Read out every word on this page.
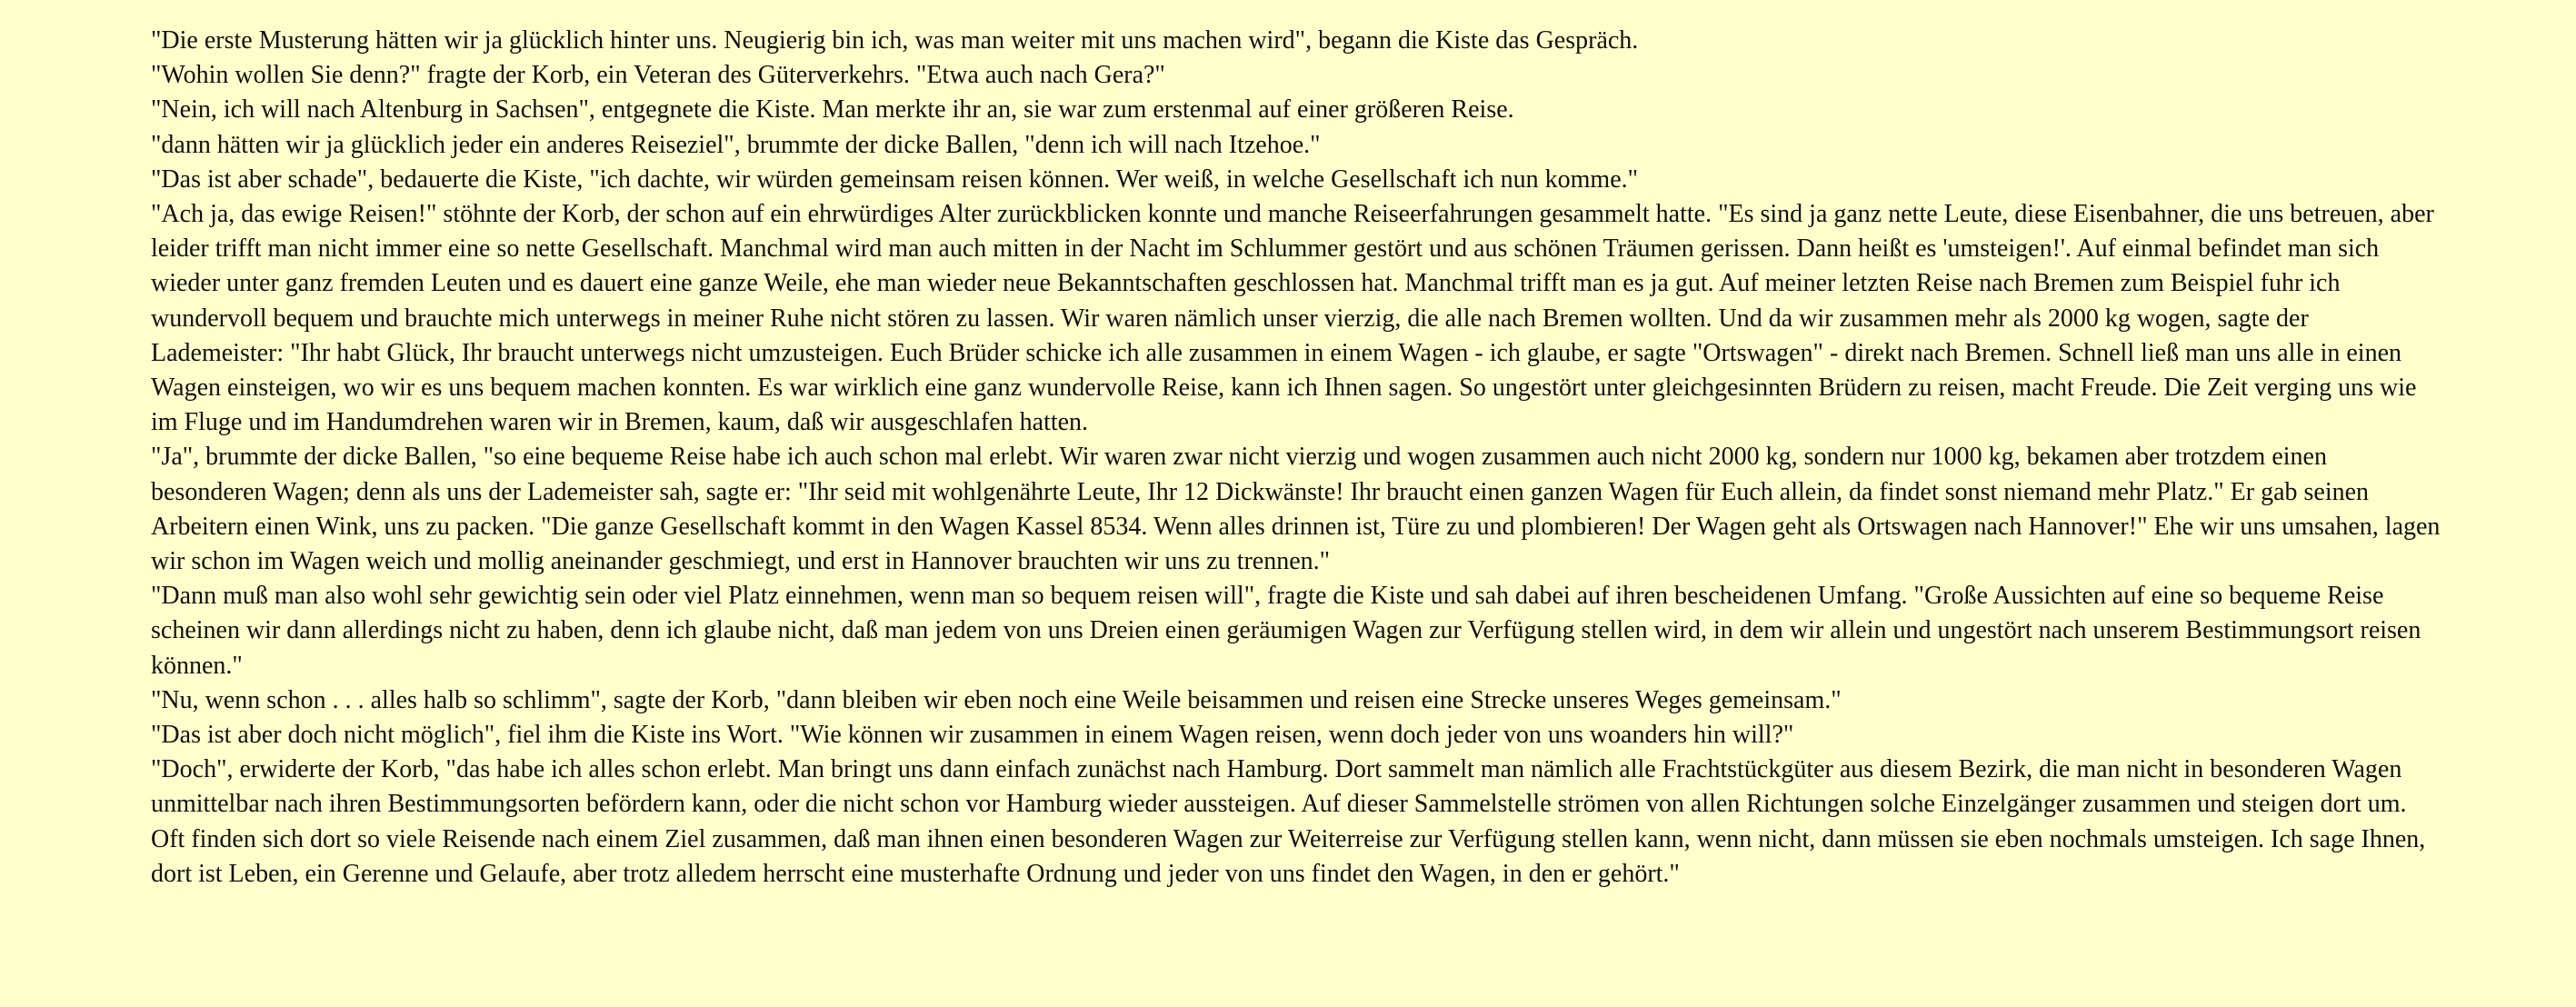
"Die erste Musterung hätten wir ja glücklich hinter uns. Neugierig bin ich, was man weiter mit uns machen wird", begann die Kiste das Gespräch.

"Wohin wollen Sie denn?" fragte der Korb, ein Veteran des Güterverkehrs. "Etwa auch nach Gera?"

"Nein, ich will nach Altenburg in Sachsen", entgegnete die Kiste. Man merkte ihr an, sie war zum erstenmal auf einer größeren Reise.

"dann hätten wir ja glücklich jeder ein anderes Reiseziel", brummte der dicke Ballen, "denn ich will nach Itzehoe."

"Das ist aber schade", bedauerte die Kiste, "ich dachte, wir würden gemeinsam reisen können. Wer weiß, in welche Gesellschaft ich nun komme."

"Ach ja, das ewige Reisen!" stöhnte der Korb, der schon auf ein ehrwürdiges Alter zurückblicken konnte und manche Reiseerfahrungen gesammelt hatte. "Es sind ja ganz nette Leute, diese Eisenbahner, die uns betreuen, aber leider trifft man nicht immer eine so nette Gesellschaft. Manchmal wird man auch mitten in der Nacht im Schlummer gestört und aus schönen Träumen gerissen. Dann heißt es 'umsteigen!'. Auf einmal befindet man sich wieder unter ganz fremden Leuten und es dauert eine ganze Weile, ehe man wieder neue Bekanntschaften geschlossen hat. Manchmal trifft man es ja gut. Auf meiner letzten Reise nach Bremen zum Beispiel fuhr ich wundervoll bequem und brauchte mich unterwegs in meiner Ruhe nicht stören zu lassen. Wir waren nämlich unser vierzig, die alle nach Bremen wollten. Und da wir zusammen mehr als 2000 kg wogen, sagte der Lademeister: "Ihr habt Glück, Ihr braucht unterwegs nicht umzusteigen. Euch Brüder schicke ich alle zusammen in einem Wagen - ich glaube, er sagte "Ortswagen" - direkt nach Bremen. Schnell ließ man uns alle in einen Wagen einsteigen, wo wir es uns bequem machen konnten. Es war wirklich eine ganz wundervolle Reise, kann ich Ihnen sagen. So ungestört unter gleichgesinnten Brüdern zu reisen, macht Freude. Die Zeit verging uns wie im Fluge und im Handumdrehen waren wir in Bremen, kaum, daß wir ausgeschlafen hatten.

"Ja", brummte der dicke Ballen, "so eine bequeme Reise habe ich auch schon mal erlebt. Wir waren zwar nicht vierzig und wogen zusammen auch nicht 2000 kg, sondern nur 1000 kg, bekamen aber trotzdem einen besonderen Wagen; denn als uns der Lademeister sah, sagte er: "Ihr seid mit wohlgenährte Leute, Ihr 12 Dickwänste! Ihr braucht einen ganzen Wagen für Euch allein, da findet sonst niemand mehr Platz." Er gab seinen Arbeitern einen Wink, uns zu packen. "Die ganze Gesellschaft kommt in den Wagen Kassel 8534. Wenn alles drinnen ist, Türe zu und plombieren! Der Wagen geht als Ortswagen nach Hannover!" Ehe wir uns umsahen, lagen wir schon im Wagen weich und mollig aneinander geschmiegt, und erst in Hannover brauchten wir uns zu trennen."

"Dann muß man also wohl sehr gewichtig sein oder viel Platz einnehmen, wenn man so bequem reisen will", fragte die Kiste und sah dabei auf ihren bescheidenen Umfang. "Große Aussichten auf eine so bequeme Reise scheinen wir dann allerdings nicht zu haben, denn ich glaube nicht, daß man jedem von uns Dreien einen geräumigen Wagen zur Verfügung stellen wird, in dem wir allein und ungestört nach unserem Bestimmungsort reisen können."

"Nu, wenn schon . . . alles halb so schlimm", sagte der Korb, "dann bleiben wir eben noch eine Weile beisammen und reisen eine Strecke unseres Weges gemeinsam."

"Das ist aber doch nicht möglich", fiel ihm die Kiste ins Wort. "Wie können wir zusammen in einem Wagen reisen, wenn doch jeder von uns woanders hin will?"

"Doch", erwiderte der Korb, "das habe ich alles schon erlebt. Man bringt uns dann einfach zunächst nach Hamburg. Dort sammelt man nämlich alle Frachtstückgüter aus diesem Bezirk, die man nicht in besonderen Wagen unmittelbar nach ihren Bestimmungsorten befördern kann, oder die nicht schon vor Hamburg wieder aussteigen. Auf dieser Sammelstelle strömen von allen Richtungen solche Einzelgänger zusammen und steigen dort um. Oft finden sich dort so viele Reisende nach einem Ziel zusammen, daß man ihnen einen besonderen Wagen zur Weiterreise zur Verfügung stellen kann, wenn nicht, dann müssen sie eben nochmals umsteigen. Ich sage Ihnen, dort ist Leben, ein Gerenne und Gelaufe, aber trotz alledem herrscht eine musterhafte Ordnung und jeder von uns findet den Wagen, in den er gehört."
